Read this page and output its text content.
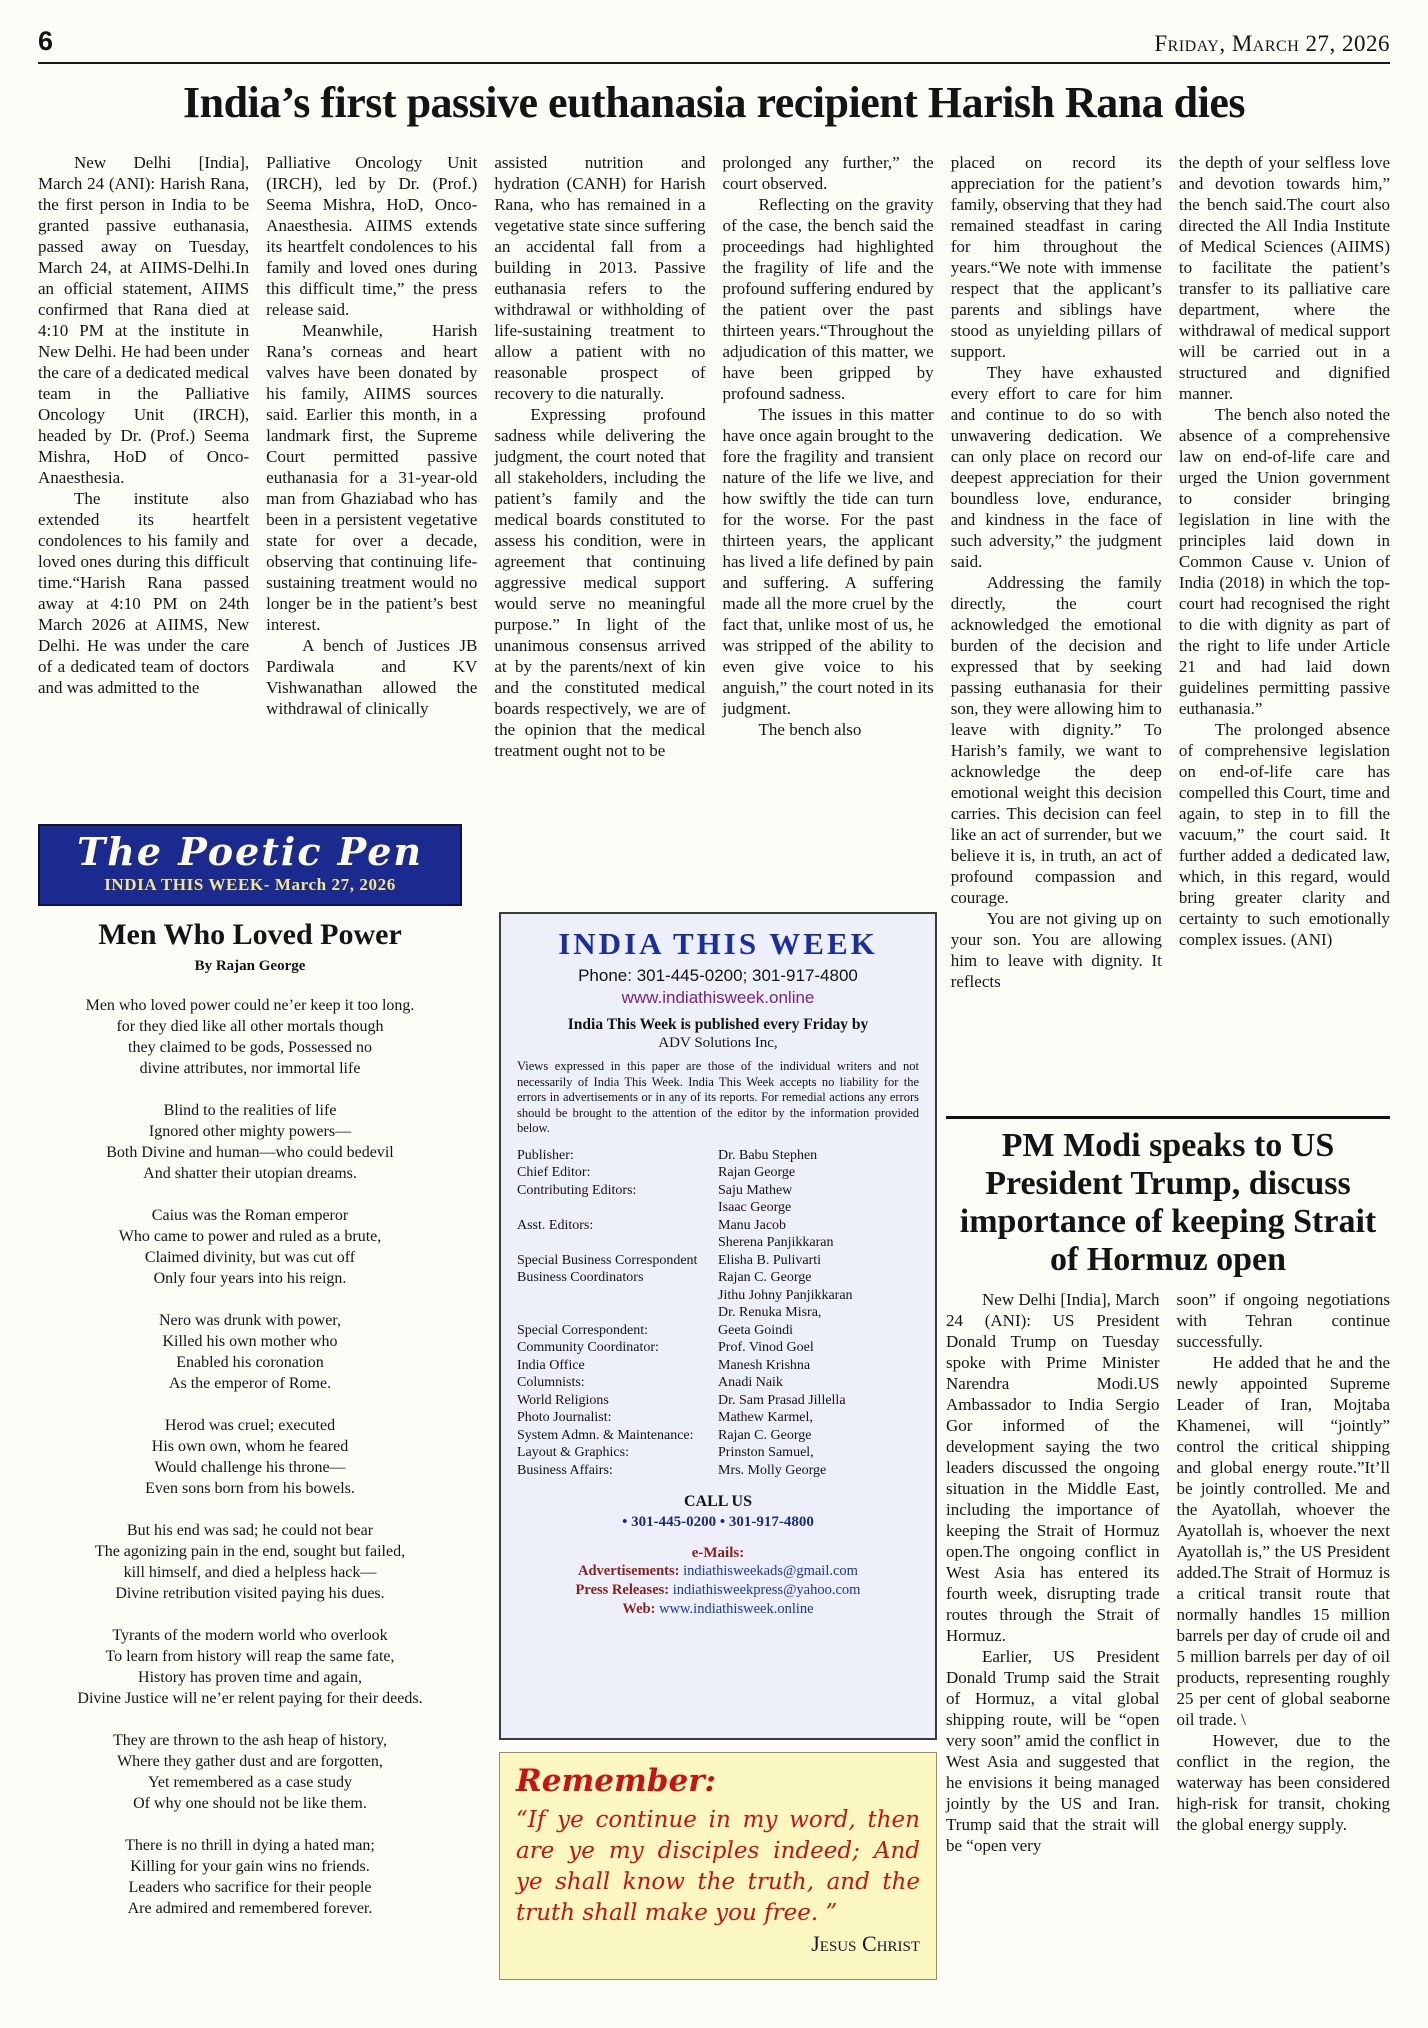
6	Friday, March 27, 2026
India’s first passive euthanasia recipient Harish Rana dies

New Delhi [India], March 24 (ANI): Harish Rana, the first person in India to be granted passive euthanasia, passed away on Tuesday, March 24, at AIIMS-Delhi.In an official statement, AIIMS confirmed that Rana died at 4:10 PM at the institute in New Delhi. He had been under the care of a dedicated medical team in the Palliative Oncology Unit (IRCH), headed by Dr. (Prof.) Seema Mishra, HoD of Onco-Anaesthesia.

The institute also extended its heartfelt condolences to his family and loved ones during this difficult time.“Harish Rana passed away at 4:10 PM on 24th March 2026 at AIIMS, New Delhi. He was under the care of a dedicated team of doctors and was admitted to the

Palliative Oncology Unit (IRCH), led by Dr. (Prof.) Seema Mishra, HoD, Onco-Anaesthesia. AIIMS extends its heartfelt condolences to his family and loved ones during this difficult time,” the press release said.

Meanwhile, Harish Rana’s corneas and heart valves have been donated by his family, AIIMS sources said. Earlier this month, in a landmark first, the Supreme Court permitted passive euthanasia for a 31-year-old man from Ghaziabad who has been in a persistent vegetative state for over a decade, observing that continuing life-sustaining treatment would no longer be in the patient’s best interest.

A bench of Justices JB Pardiwala and KV Vishwanathan allowed the withdrawal of clinically

assisted nutrition and hydration (CANH) for Harish Rana, who has remained in a vegetative state since suffering an accidental fall from a building in 2013. Passive euthanasia refers to the withdrawal or withholding of life-sustaining treatment to allow a patient with no reasonable prospect of recovery to die naturally.

Expressing profound sadness while delivering the judgment, the court noted that all stakeholders, including the patient’s family and the medical boards constituted to assess his condition, were in agreement that continuing aggressive medical support would serve no meaningful purpose.” In light of the unanimous consensus arrived at by the parents/next of kin and the constituted medical boards respectively, we are of the opinion that the medical treatment ought not to be

prolonged any further,” the court observed.

Reflecting on the gravity of the case, the bench said the proceedings had highlighted the fragility of life and the profound suffering endured by the patient over the past thirteen years.“Throughout the adjudication of this matter, we have been gripped by profound sadness.

The issues in this matter have once again brought to the fore the fragility and transient nature of the life we live, and how swiftly the tide can turn for the worse. For the past thirteen years, the applicant has lived a life defined by pain and suffering. A suffering made all the more cruel by the fact that, unlike most of us, he was stripped of the ability to even give voice to his anguish,” the court noted in its judgment.

The bench also

placed on record its appreciation for the patient’s family, observing that they had remained steadfast in caring for him throughout the years.“We note with immense respect that the applicant’s parents and siblings have stood as unyielding pillars of support.

They have exhausted every effort to care for him and continue to do so with unwavering dedication. We can only place on record our deepest appreciation for their boundless love, endurance, and kindness in the face of such adversity,” the judgment said.

Addressing the family directly, the court acknowledged the emotional burden of the decision and expressed that by seeking passing euthanasia for their son, they were allowing him to leave with dignity.” To Harish’s family, we want to acknowledge the deep emotional weight this decision carries. This decision can feel like an act of surrender, but we believe it is, in truth, an act of profound compassion and courage.

You are not giving up on your son. You are allowing him to leave with dignity. It reflects

the depth of your selfless love and devotion towards him,” the bench said.The court also directed the All India Institute of Medical Sciences (AIIMS) to facilitate the patient’s transfer to its palliative care department, where the withdrawal of medical support will be carried out in a structured and dignified manner.

The bench also noted the absence of a comprehensive law on end-of-life care and urged the Union government to consider bringing legislation in line with the principles laid down in Common Cause v. Union of India (2018) in which the top-court had recognised the right to die with dignity as part of the right to life under Article 21 and had laid down guidelines permitting passive euthanasia.”

The prolonged absence of comprehensive legislation on end-of-life care has compelled this Court, time and again, to step in to fill the vacuum,” the court said. It further added a dedicated law, which, in this regard, would bring greater clarity and certainty to such emotionally complex issues. (ANI)

The Poetic Pen
INDIA THIS WEEK- March 27, 2026
Men Who Loved Power
By Rajan George
Men who loved power could ne’er keep it too long.
for they died like all other mortals though
they claimed to be gods, Possessed no
divine attributes, nor immortal life
Blind to the realities of life
Ignored other mighty powers—
Both Divine and human—who could bedevil
And shatter their utopian dreams.
Caius was the Roman emperor
Who came to power and ruled as a brute,
Claimed divinity, but was cut off
Only four years into his reign.
Nero was drunk with power,
Killed his own mother who
Enabled his coronation
As the emperor of Rome.
Herod was cruel; executed
His own own, whom he feared
Would challenge his throne—
Even sons born from his bowels.
But his end was sad; he could not bear
The agonizing pain in the end, sought but failed,
kill himself, and died a helpless hack—
Divine retribution visited paying his dues.
Tyrants of the modern world who overlook
To learn from history will reap the same fate,
History has proven time and again,
Divine Justice will ne’er relent paying for their deeds.
They are thrown to the ash heap of history,
Where they gather dust and are forgotten,
Yet remembered as a case study
Of why one should not be like them.
There is no thrill in dying a hated man;
Killing for your gain wins no friends.
Leaders who sacrifice for their people
Are admired and remembered forever.
INDIA THIS WEEK
Phone: 301-445-0200; 301-917-4800
www.indiathisweek.online
India This Week is published every Friday by
ADV Solutions Inc,
Views expressed in this paper are those of the individual writers and not necessarily of India This Week. India This Week accepts no liability for the errors in advertisements or in any of its reports. For remedial actions any errors should be brought to the attention of the editor by the information provided below.
Publisher:	Dr. Babu Stephen
Chief Editor:	Rajan George
Contributing Editors:	Saju Mathew
Isaac George
Asst. Editors:	Manu Jacob
Sherena Panjikkaran
Special Business Correspondent	Elisha B. Pulivarti
Business Coordinators	Rajan C. George
Jithu Johny Panjikkaran
Dr. Renuka Misra,
Special Correspondent:	Geeta Goindi
Community Coordinator:	Prof. Vinod Goel
India Office	Manesh Krishna
Columnists:	Anadi Naik
World Religions	Dr. Sam Prasad Jillella
Photo Journalist:	Mathew Karmel,
System Admn. & Maintenance:	Rajan C. George
Layout & Graphics:	Prinston Samuel,
Business Affairs:	Mrs. Molly George
CALL US
• 301-445-0200 • 301-917-4800
e-Mails:
Advertisements: indiathisweekads@gmail.com
Press Releases: indiathisweekpress@yahoo.com
Web: www.indiathisweek.online
Remember:
“If ye continue in my word, then are ye my disciples indeed; And ye shall know the truth, and the truth shall make you free. ”
Jesus Christ
PM Modi speaks to US President Trump, discuss importance of keeping Strait of Hormuz open

New Delhi [India], March 24 (ANI): US President Donald Trump on Tuesday spoke with Prime Minister Narendra Modi.US Ambassador to India Sergio Gor informed of the development saying the two leaders discussed the ongoing situation in the Middle East, including the importance of keeping the Strait of Hormuz open.The ongoing conflict in West Asia has entered its fourth week, disrupting trade routes through the Strait of Hormuz.

Earlier, US President Donald Trump said the Strait of Hormuz, a vital global shipping route, will be “open very soon” amid the conflict in West Asia and suggested that he envisions it being managed jointly by the US and Iran. Trump said that the strait will be “open very

soon” if ongoing negotiations with Tehran continue successfully.

He added that he and the newly appointed Supreme Leader of Iran, Mojtaba Khamenei, will “jointly” control the critical shipping and global energy route.”It’ll be jointly controlled. Me and the Ayatollah, whoever the Ayatollah is, whoever the next Ayatollah is,” the US President added.The Strait of Hormuz is a critical transit route that normally handles 15 million barrels per day of crude oil and 5 million barrels per day of oil products, representing roughly 25 per cent of global seaborne oil trade. \

However, due to the conflict in the region, the waterway has been considered high-risk for transit, choking the global energy supply.
